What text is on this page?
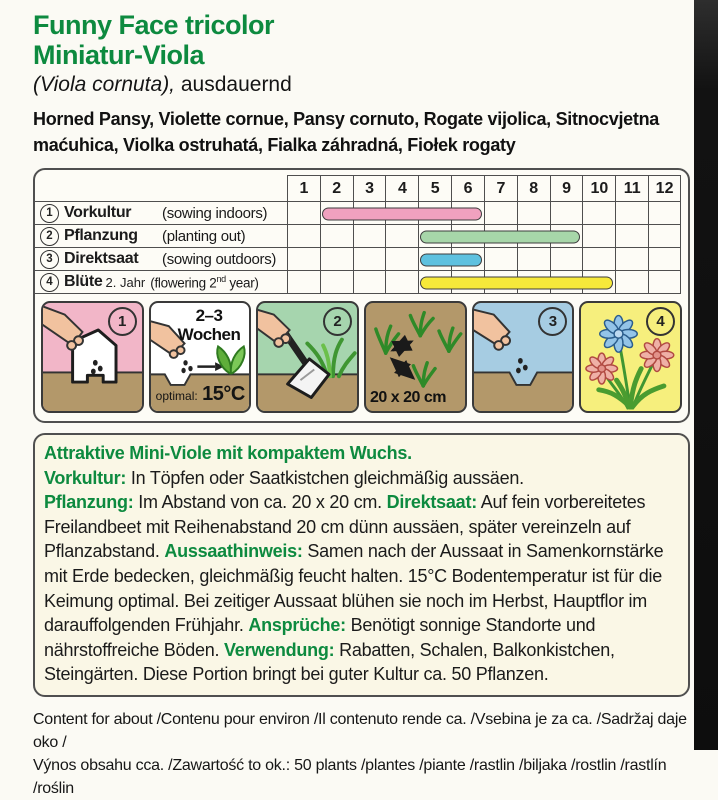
Funny Face tricolor
Miniatur-Viola
(Viola cornuta), ausdauernd
Horned Pansy, Violette cornue, Pansy cornuto, Rogate vijolica, Sitnocvjetna maćuhica, Violka ostruhatá, Fialka záhradná, Fiołek rogaty
1	2	3	4	5	6	7	8	9	10 11 12
1 Vorkultur	(sowing indoors)
2 Pflanzung	(planting out)
3 Direktsaat	(sowing outdoors)
4 Blüte 2. Jahr (flowering 2nd year)
1	2–3
Wochen
optimal: 15°C
2
20 x 20 cm
3	4

Attraktive Mini-Viole mit kompaktem Wuchs.

Vorkultur: In Töpfen oder Saatkistchen gleichmäßig aussäen.

Pflanzung: Im Abstand von ca. 20 x 20 cm. Direktsaat: Auf fein vorbereitetes Freilandbeet mit Reihenabstand 20 cm dünn aussäen, später vereinzeln auf Pflanzabstand. Aussaathinweis: Samen nach der Aussaat in Samenkornstärke mit Erde bedecken, gleichmäßig feucht halten. 15°C Bodentemperatur ist für die Keimung optimal. Bei zeitiger Aussaat blühen sie noch im Herbst, Hauptflor im darauffolgenden Frühjahr. Ansprüche: Benötigt sonnige Standorte und nährstoffreiche Böden. Verwendung: Rabatten, Schalen, Balkonkistchen, Steingärten. Diese Portion bringt bei guter Kultur ca. 50 Pflanzen.

Content for about /Contenu pour environ /Il contenuto rende ca. /Vsebina je za ca. /Sadržaj daje oko /
Výnos obsahu cca. /Zawartość to ok.: 50 plants /plantes /piante /rastlin /biljaka /rostlin /rastlín /roślin
